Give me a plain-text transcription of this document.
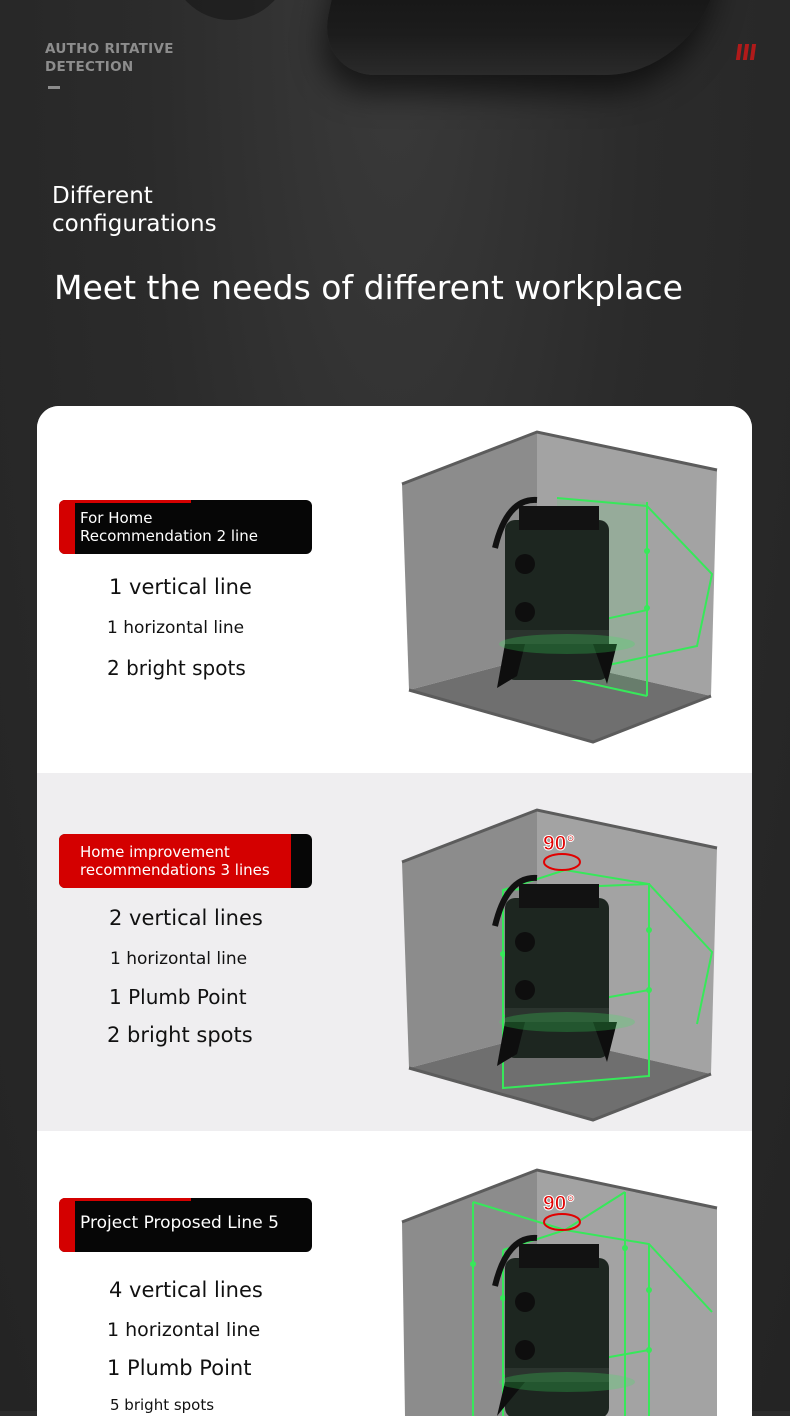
AUTHO RITATIVE
DETECTION
Different
configurations
Meet the needs of different workplace
For Home
Recommendation 2 line
1 vertical line
1 horizontal line
2 bright spots
Home improvement
recommendations 3 lines
2 vertical lines
1 horizontal line
1 Plumb Point
2 bright spots
90°
Project Proposed Line 5
4 vertical lines
1 horizontal line
1 Plumb Point
5 bright spots
90°
